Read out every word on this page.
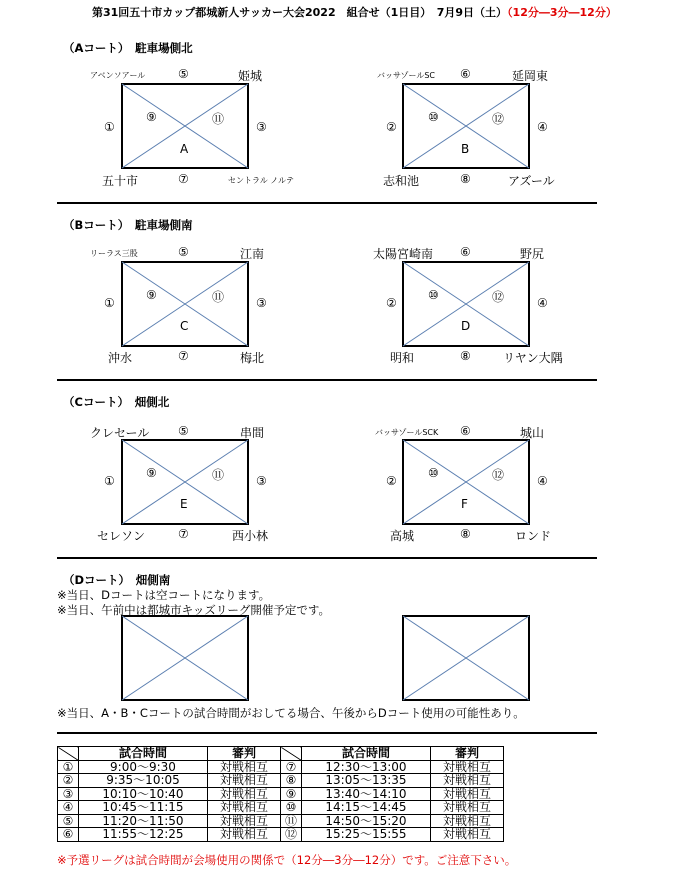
第31回五十市カップ都城新人サッカー大会2022　組合せ（1日目）　7月9日（土）（12分―3分―12分）
（Aコート）　駐車場側北
アベンソアール	⑤	姫城
①	③
⑨	⑪
A
五十市	⑦	セントラル ノルテ
バッサゾールSC ⑥	延岡東
②	④
⑩	⑫
B
志和池	⑧	アズール
（Bコート）　駐車場側南
リーラス三股	⑤	江南
①	③
⑨	⑪
C
沖水	⑦	梅北
太陽宮崎南 ⑥	野尻
②	④
⑩	⑫
D
明和	⑧	リヤン大隅
（Cコート）　畑側北
クレセール ⑤	串間
①	③
⑨	⑪
E
セレソン	⑦	西小林
バッサゾールSCK ⑥	城山
②	④
⑩	⑫
F
高城	⑧	ロンド
（Dコート）　畑側南
※当日、Dコートは空コートになります。
※当日、午前中は都城市キッズリーグ開催予定です。
※当日、A・B・Cコートの試合時間がおしてる場合、午後からDコート使用の可能性あり。
	試合時間	審判		試合時間	審判
①	9:00～9:30	対戦相互	⑦	12:30～13:00	対戦相互
②	9:35～10:05	対戦相互	⑧	13:05～13:35	対戦相互
③	10:10～10:40	対戦相互	⑨	13:40～14:10	対戦相互
④	10:45～11:15	対戦相互	⑩	14:15～14:45	対戦相互
⑤	11:20～11:50	対戦相互	⑪	14:50～15:20	対戦相互
⑥	11:55～12:25	対戦相互	⑫	15:25～15:55	対戦相互
※予選リーグは試合時間が会場使用の関係で（12分―3分―12分）です。ご注意下さい。
